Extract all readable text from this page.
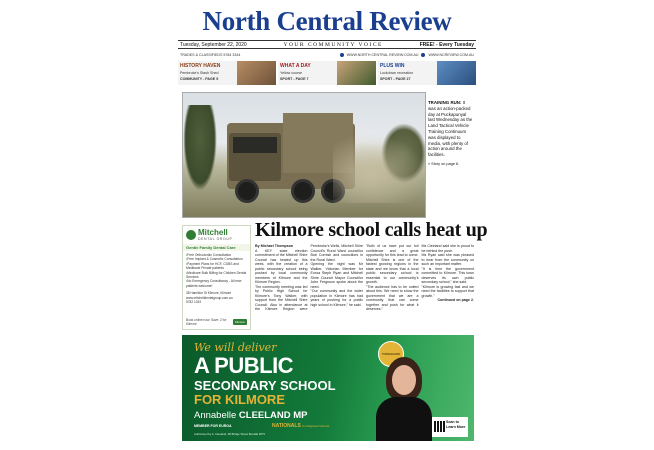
North Central Review
Tuesday, September 22, 2020	YOUR COMMUNITY VOICE	FREE! - Every Tuesday
TRADES & CLASSIFIEDS 5784 3344	WWW.NORTH CENTRAL REVIEW.COM.AU	WWW.NCREVIEW.COM.AU
HISTORY HAVEN
Pembroke's Stash Shed
COMMUNITY - PAGE 5
WHAT A DAY
Yellow course
SPORT - PAGE 7
PLUS WIN
Lockdown recreation
SPORT - PAGE 27
TRAINING RUN: It was an action-packed day at Puckapunyal last Wednesday as the Land Tactical Vehicle Training Continuum was displayed to media, with plenty of action around the facilities.
» Story on page 6.
Mitchell
DENTAL GROUP
Gentle Family Dental Care
• Free Orthodontic Consultation
• Free Implant & Cosmetic Consultation
• Payment Plans for HCF, CDBS and Medibank Private patients
• Medicare Bulk Billing for Children Dental Services
• No Emergency Consultancy - All new patients welcome!
38 Hamilton St Kilmore, Kilmore
www.mitchelldentalgroup.com.au
5782 1033
Book online now. Save: 2 for Kilmore	Kilmore
Kilmore school calls heat up

By Michael Thompson

A KEY state election commitment of the Mitchell Shire Council has heated up this week, with the creation of a public secondary school being pushed by local community members of Kilmore and the Kilmore Region.

The community meeting was led by Public High School for Kilmore's Tony Walker, with support from the Mitchell Shire Council. Also in attendance at the Kilmore Region were Pembroke's Wells, Mitchell Shire Council's Rural Ward councillor Bob Cornish and councillors in the Rural Ward.

Opening the night was Mr Walker. Victorian Member for Euroa Steph Ryan and Mitchell Shire Council Mayor Councillor John Ferguson spoke about the need.

"Our community and the wider population in Kilmore has had years of pushing for a public high school in Kilmore," he said.

"Both of us have put our full confidence and a great opportunity for this lead to come. Mitchell Shire is one of the fastest growing regions in the state and we know that a local public secondary school is essential to our community's growth.

"The audience has to be united about this. We need to show the government that we are a community that can come together and push for what it deserves."

Ms Cleeland said she is proud to be behind the push.

Ms Ryan said she was pleased to hear from the community on such an important matter.

"It is time the government committed to Kilmore. This town deserves its own public secondary school," she said.

"Kilmore is growing fast and we need the facilities to support that growth."

Continued on page 2.

We will deliver
A PUBLIC
SECONDARY SCHOOL
FOR KILMORE
Annabelle CLEELAND MP
MEMBER FOR EUROA	NATIONALS for Regional Victoria
Authorised by A. Cleeland, 68 Bridge Street Benalla 3672
TOWN BOARD
Scan to
Learn More
